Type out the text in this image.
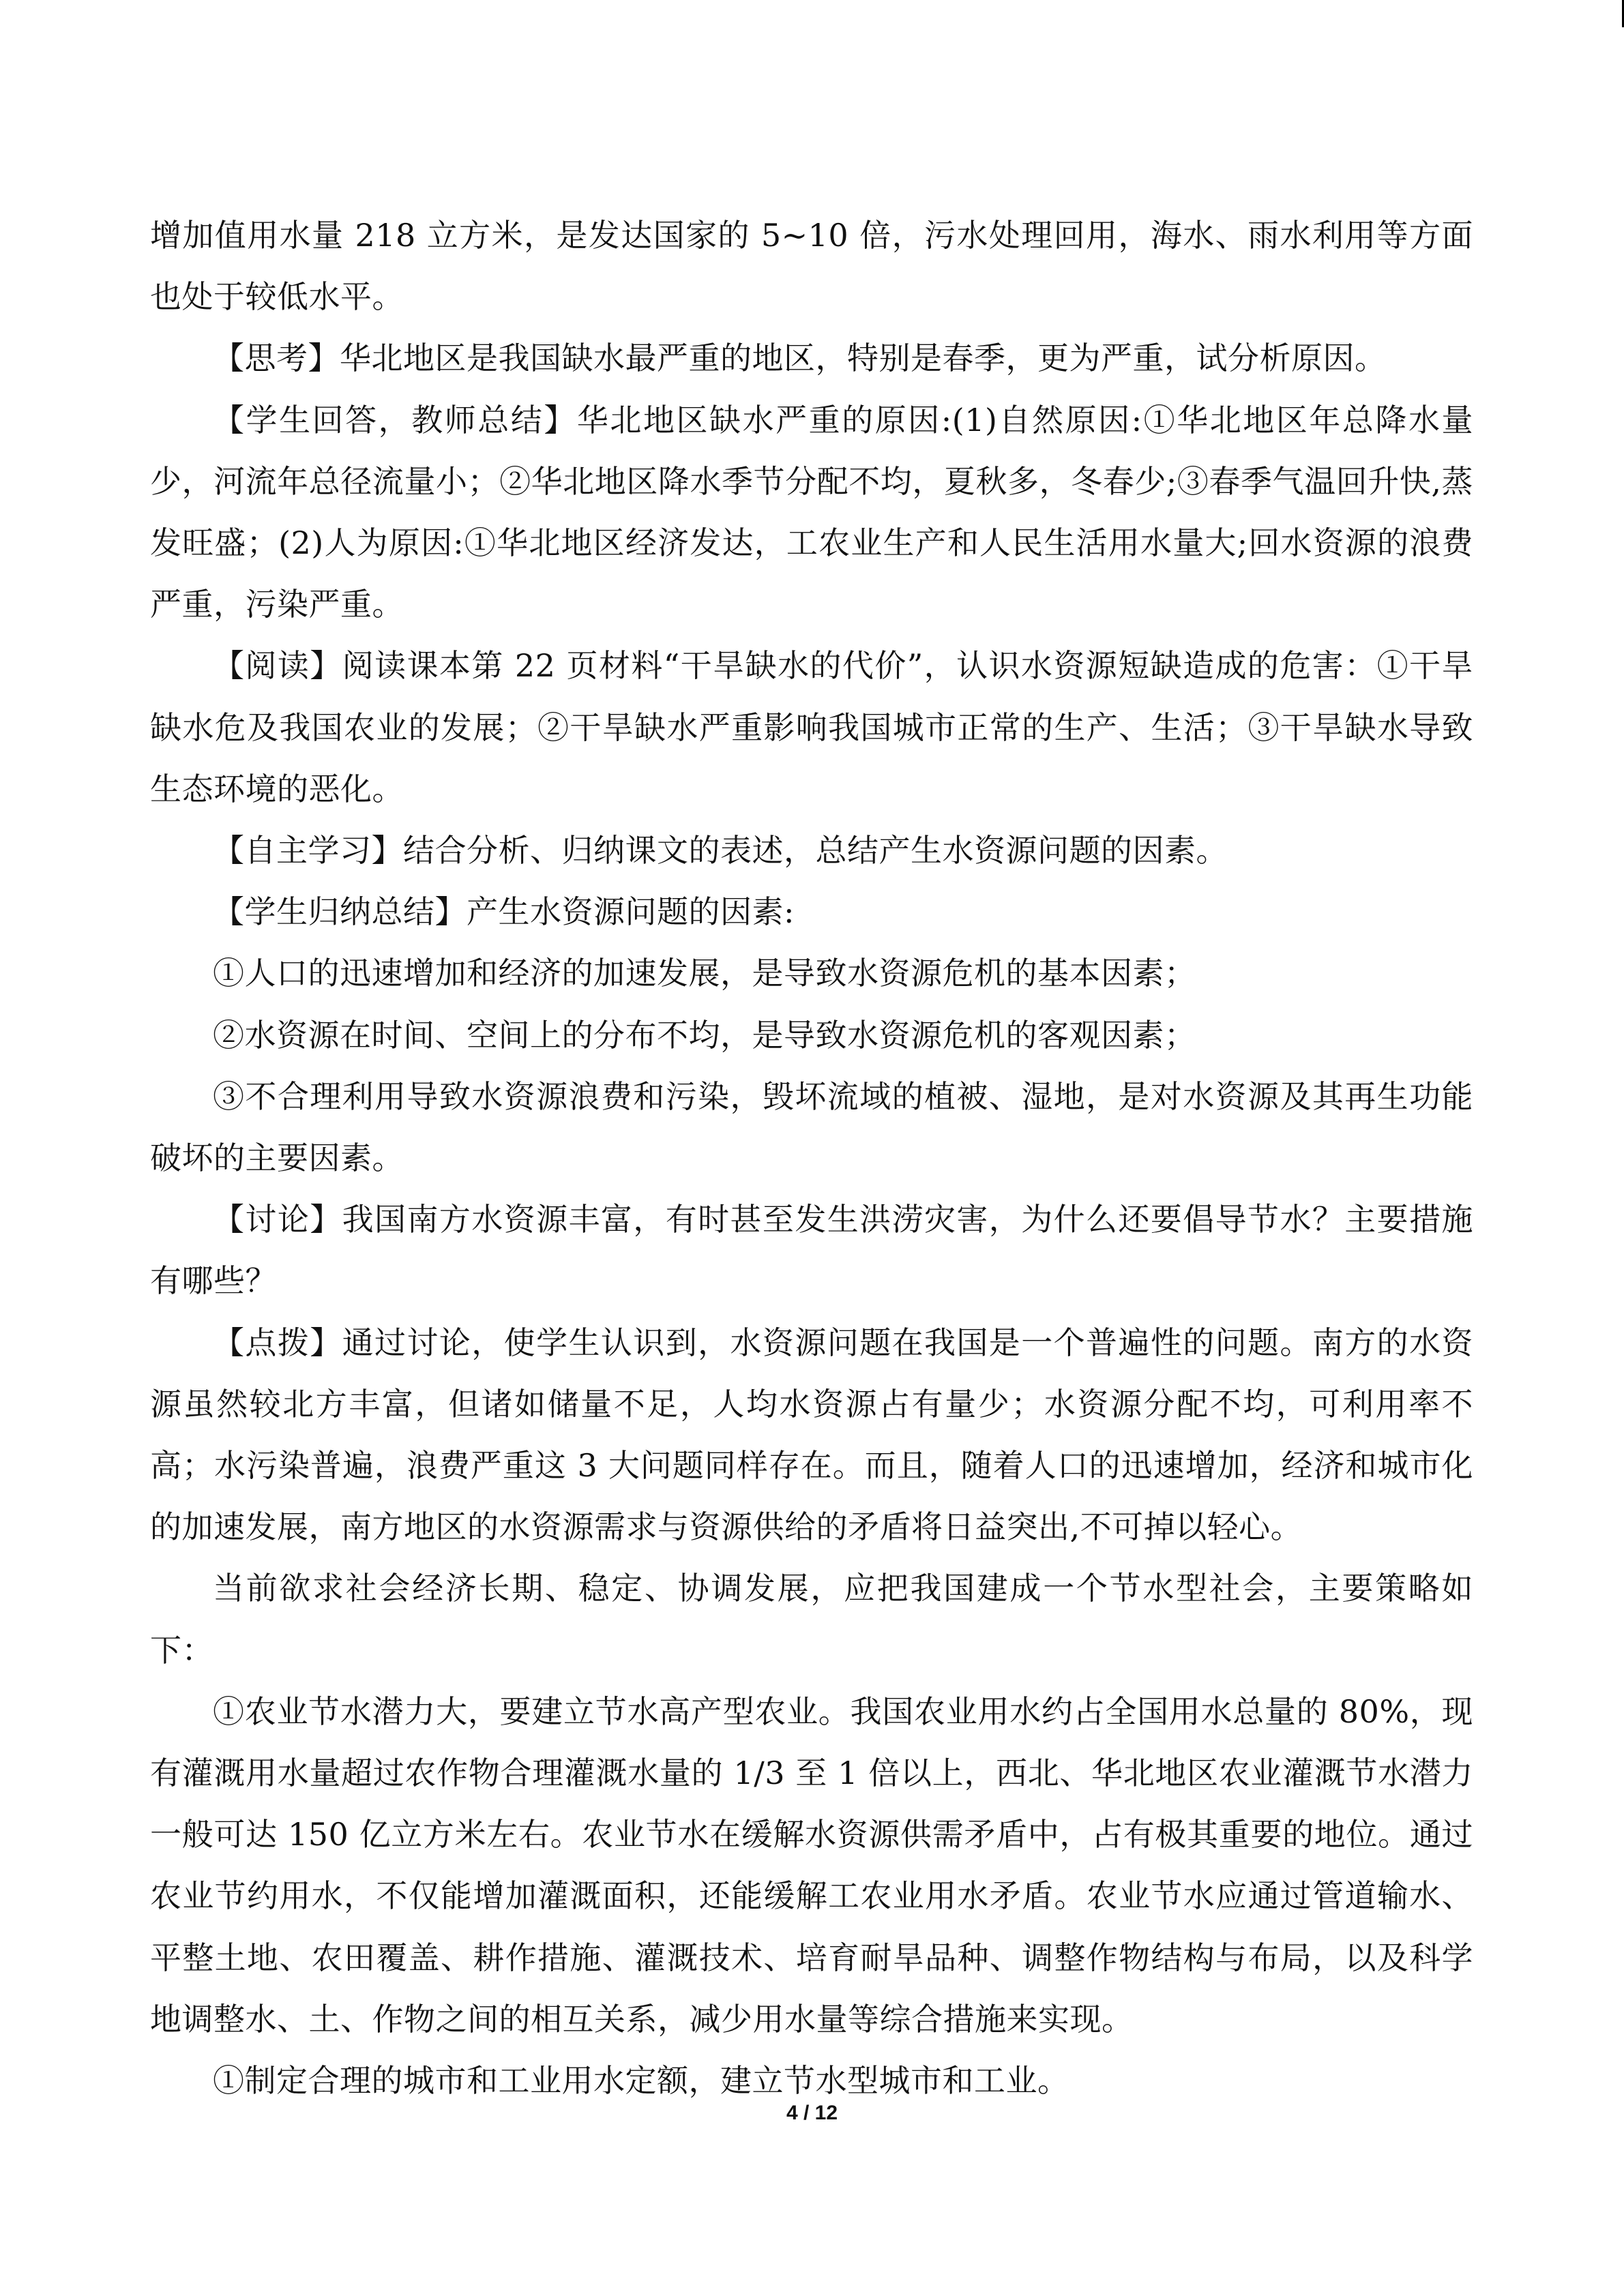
增加值用水量 218 立方米，是发达国家的 5~10 倍，污水处理回用，海水、雨水利用等方面也处于较低水平。

【思考】华北地区是我国缺水最严重的地区，特别是春季，更为严重，试分析原因。

【学生回答，教师总结】华北地区缺水严重的原因:(1)自然原因:①华北地区年总降水量少，河流年总径流量小；②华北地区降水季节分配不均，夏秋多，冬春少;③春季气温回升快,蒸发旺盛；(2)人为原因:①华北地区经济发达，工农业生产和人民生活用水量大;回水资源的浪费严重，污染严重。

【阅读】阅读课本第 22 页材料“干旱缺水的代价”，认识水资源短缺造成的危害：①干旱缺水危及我国农业的发展；②干旱缺水严重影响我国城市正常的生产、生活；③干旱缺水导致生态环境的恶化。

【自主学习】结合分析、归纳课文的表述，总结产生水资源问题的因素。

【学生归纳总结】产生水资源问题的因素:

①人口的迅速增加和经济的加速发展，是导致水资源危机的基本因素；

②水资源在时间、空间上的分布不均，是导致水资源危机的客观因素；

③不合理利用导致水资源浪费和污染，毁坏流域的植被、湿地，是对水资源及其再生功能破坏的主要因素。

【讨论】我国南方水资源丰富，有时甚至发生洪涝灾害，为什么还要倡导节水？主要措施有哪些？

【点拨】通过讨论，使学生认识到，水资源问题在我国是一个普遍性的问题。南方的水资源虽然较北方丰富，但诸如储量不足，人均水资源占有量少；水资源分配不均，可利用率不高；水污染普遍，浪费严重这 3 大问题同样存在。而且，随着人口的迅速增加，经济和城市化的加速发展，南方地区的水资源需求与资源供给的矛盾将日益突出,不可掉以轻心。

当前欲求社会经济长期、稳定、协调发展，应把我国建成一个节水型社会，主要策略如下：

①农业节水潜力大，要建立节水高产型农业。我国农业用水约占全国用水总量的 80%，现有灌溉用水量超过农作物合理灌溉水量的 1/3 至 1 倍以上，西北、华北地区农业灌溉节水潜力一般可达 150 亿立方米左右。农业节水在缓解水资源供需矛盾中，占有极其重要的地位。通过农业节约用水，不仅能增加灌溉面积，还能缓解工农业用水矛盾。农业节水应通过管道输水、平整土地、农田覆盖、耕作措施、灌溉技术、培育耐旱品种、调整作物结构与布局，以及科学地调整水、土、作物之间的相互关系，减少用水量等综合措施来实现。

①制定合理的城市和工业用水定额，建立节水型城市和工业。

4 / 12
